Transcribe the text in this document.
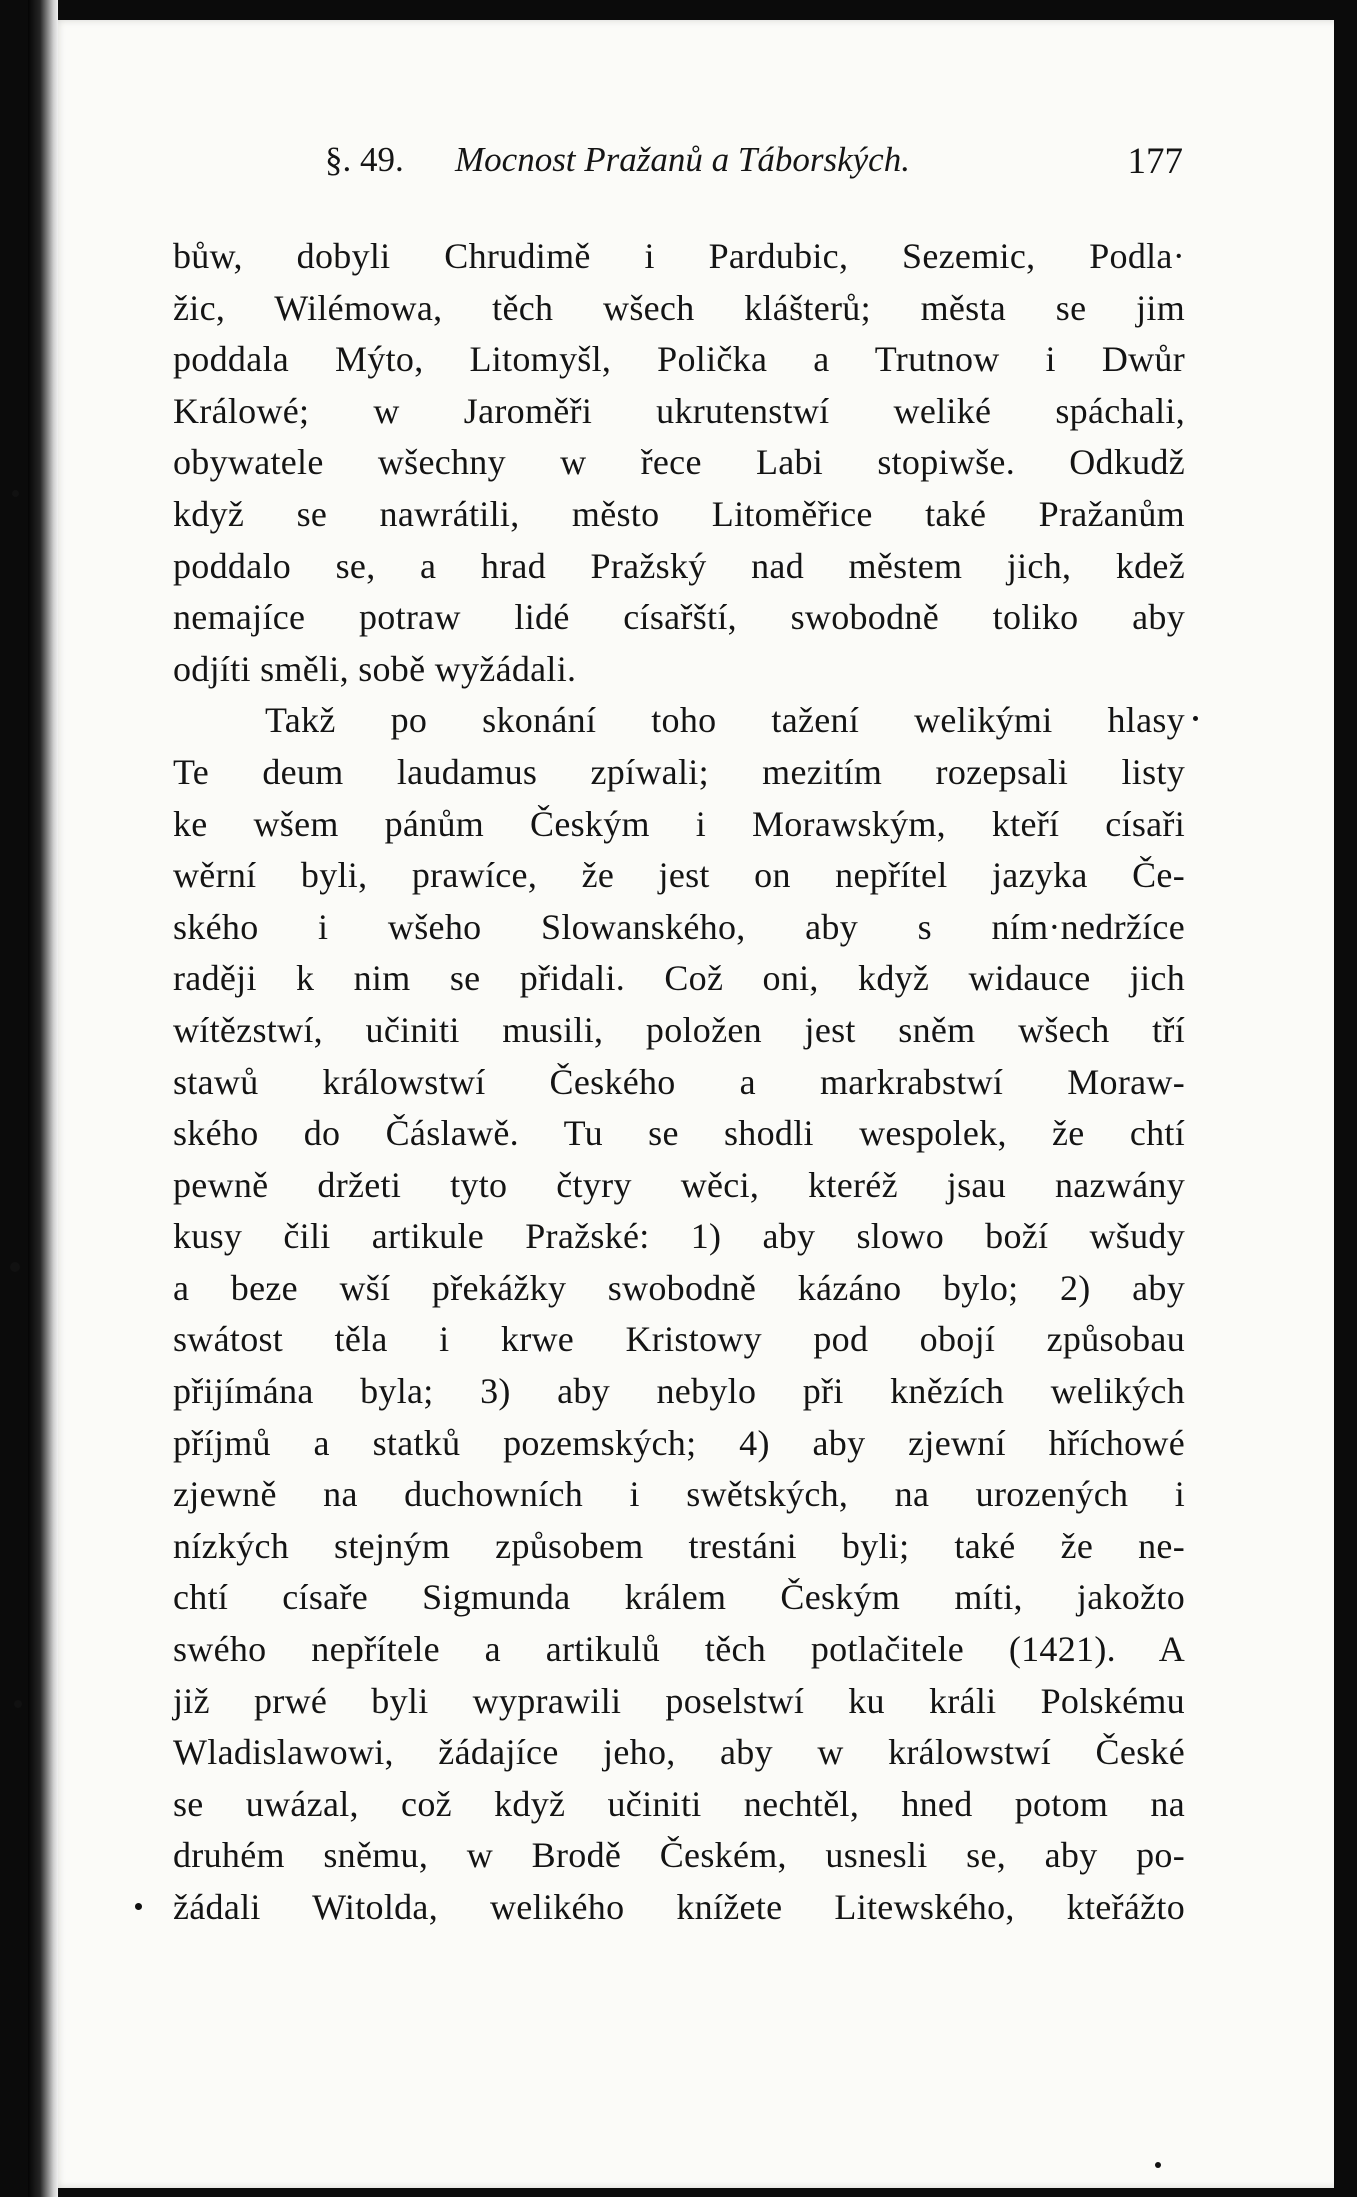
§. 49. Mocnost Pražanů a Táborských.	177
bůw, dobyli Chrudimě i Pardubic, Sezemic, Podla·
žic, Wilémowa, těch wšech klášterů; města se jim
poddala Mýto, Litomyšl, Polička a Trutnow i Dwůr
Králowé; w Jaroměři ukrutenstwí weliké spáchali,
obywatele wšechny w řece Labi stopiwše. Odkudž
když se nawrátili, město Litoměřice také Pražanům
poddalo se, a hrad Pražský nad městem jich, kdež
nemajíce potraw lidé císařští, swobodně toliko aby
odjíti směli, sobě wyžádali.
Takž po skonání toho tažení welikými hlasy
Te deum laudamus zpíwali; mezitím rozepsali listy
ke wšem pánům Českým i Morawským, kteří císaři
wěrní byli, prawíce, že jest on nepřítel jazyka Če-
ského i wšeho Slowanského, aby s ním·nedržíce
raději k nim se přidali. Což oni, když widauce jich
wítězstwí, učiniti musili, položen jest sněm wšech tří
stawů králowstwí Českého a markrabstwí Moraw-
ského do Čáslawě. Tu se shodli wespolek, že chtí
pewně držeti tyto čtyry wěci, kteréž jsau nazwány
kusy čili artikule Pražské: 1) aby slowo boží wšudy
a beze wší překážky swobodně kázáno bylo; 2) aby
swátost těla i krwe Kristowy pod obojí způsobau
přijímána byla; 3) aby nebylo při knězích welikých
příjmů a statků pozemských; 4) aby zjewní hříchowé
zjewně na duchowních i swětských, na urozených i
nízkých stejným způsobem trestáni byli; také že ne-
chtí císaře Sigmunda králem Českým míti, jakožto
swého nepřítele a artikulů těch potlačitele (1421). A
již prwé byli wyprawili poselstwí ku králi Polskému
Wladislawowi, žádajíce jeho, aby w králowstwí České
se uwázal, což když učiniti nechtěl, hned potom na
druhém sněmu, w Brodě Českém, usnesli se, aby po-
žádali Witolda, welikého knížete Litewského, kteřážto
